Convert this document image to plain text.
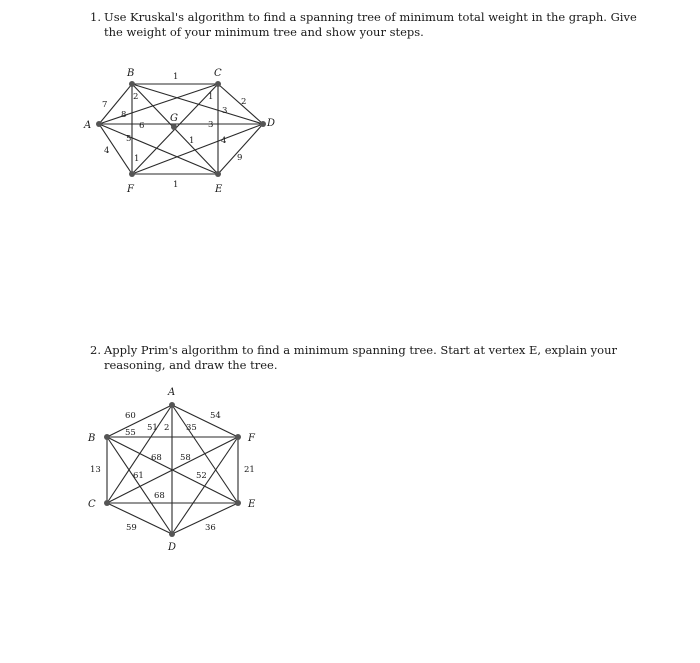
1. Use Kruskal's algorithm to find a spanning tree of minimum total weight in the graph. Give the weight of your minimum tree and show your steps.
A
B	C
D
E
F
G
1
2
7
8
6
5
1
1
3
2
3
4
1
9
4
1
2. Apply Prim's algorithm to find a minimum spanning tree. Start at vertex E, explain your reasoning, and draw the tree.
A
B
C
D
E
F
60
55 51 2 35
54
13
68 58
61	52
21
68
59	36
